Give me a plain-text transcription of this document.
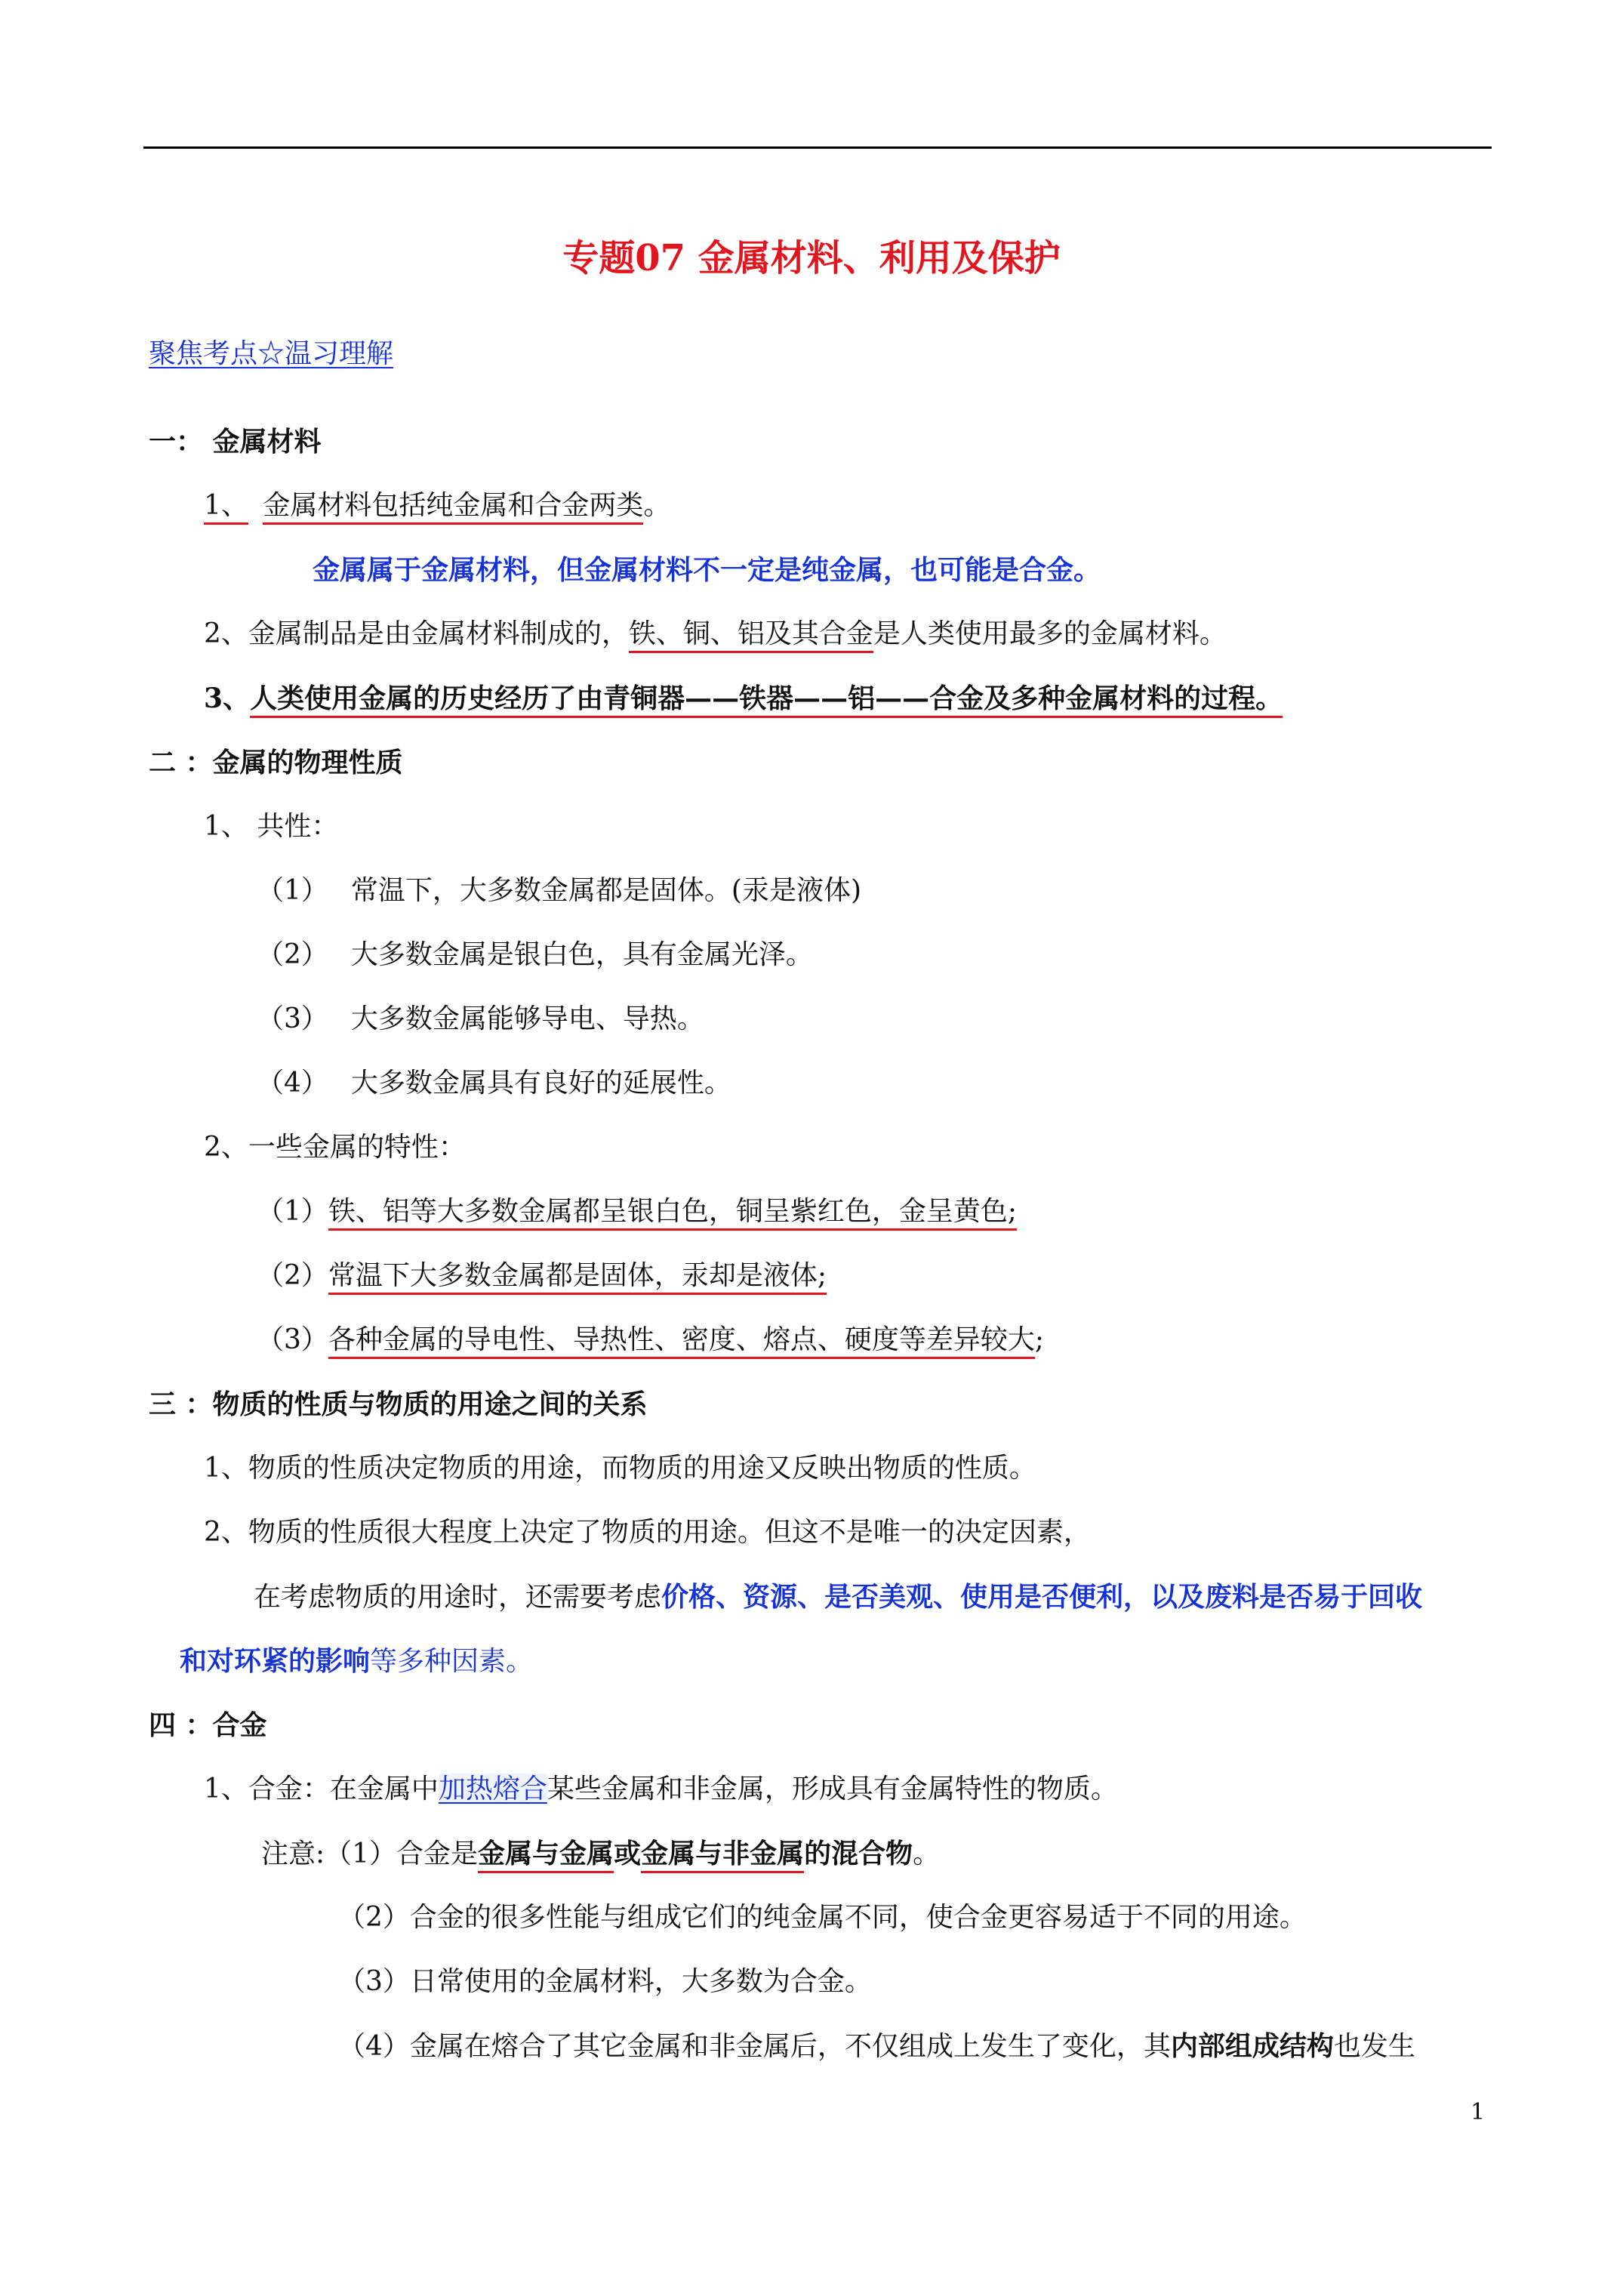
专题07 金属材料、利用及保护
聚焦考点☆温习理解
一： 金属材料
1、 金属材料包括纯金属和合金两类。
金属属于金属材料，但金属材料不一定是纯金属，也可能是合金。
2、金属制品是由金属材料制成的，铁、铜、铝及其合金是人类使用最多的金属材料。
3、人类使用金属的历史经历了由青铜器——铁器——铝——合金及多种金属材料的过程。
二 ：金属的物理性质
1、 共性：
（1） 常温下，大多数金属都是固体。(汞是液体)
（2） 大多数金属是银白色，具有金属光泽。
（3） 大多数金属能够导电、导热。
（4） 大多数金属具有良好的延展性。
2、一些金属的特性：
（1）铁、铝等大多数金属都呈银白色，铜呈紫红色，金呈黄色;
（2）常温下大多数金属都是固体，汞却是液体;
（3）各种金属的导电性、导热性、密度、熔点、硬度等差异较大;
三 ：物质的性质与物质的用途之间的关系
1、物质的性质决定物质的用途，而物质的用途又反映出物质的性质。
2、物质的性质很大程度上决定了物质的用途。但这不是唯一的决定因素，
在考虑物质的用途时，还需要考虑价格、资源、是否美观、使用是否便利，以及废料是否易于回收
和对环紧的影响等多种因素。
四 ：合金
1、合金：在金属中加热熔合某些金属和非金属，形成具有金属特性的物质。
注意:（1）合金是金属与金属或金属与非金属的混合物。
（2）合金的很多性能与组成它们的纯金属不同，使合金更容易适于不同的用途。
（3）日常使用的金属材料，大多数为合金。
（4）金属在熔合了其它金属和非金属后，不仅组成上发生了变化，其内部组成结构也发生
1
